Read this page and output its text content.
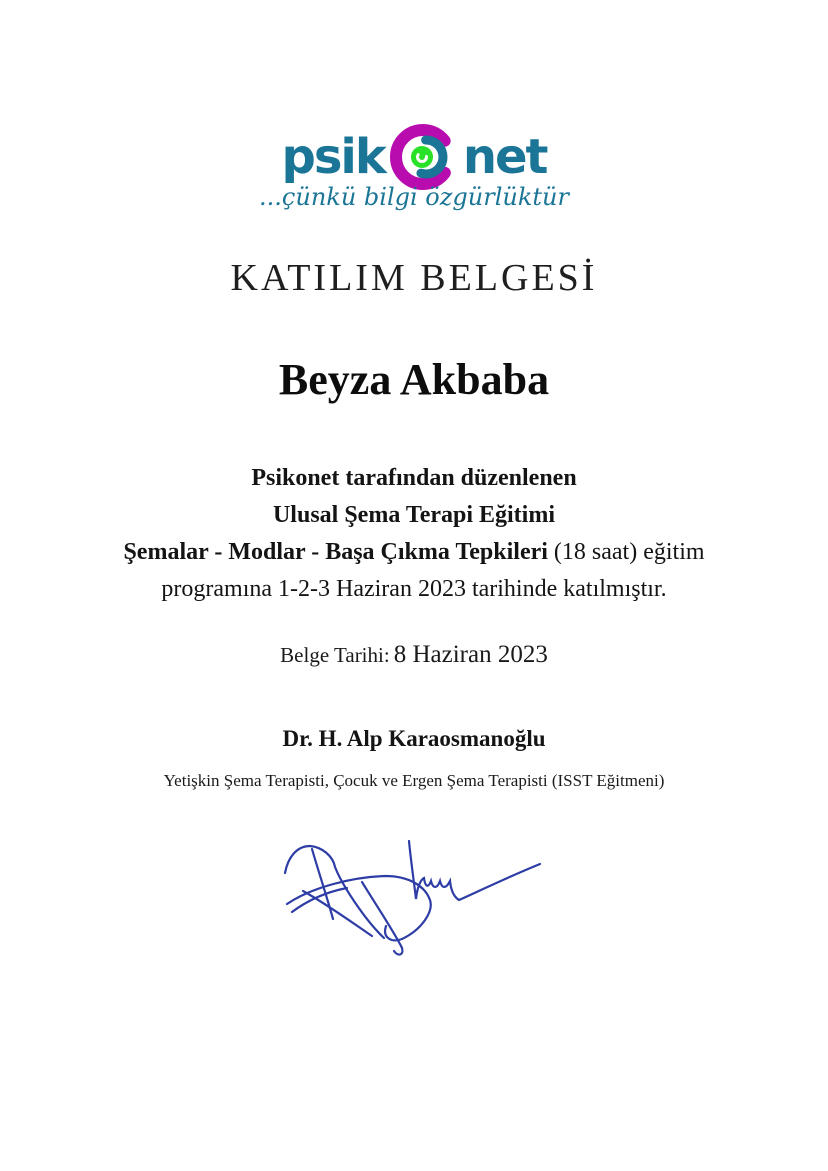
psik net
...çünkü bilgi özgürlüktür
KATILIM BELGESİ
Beyza Akbaba
Psikonet tarafından düzenlenen
Ulusal Şema Terapi Eğitimi
Şemalar - Modlar - Başa Çıkma Tepkileri (18 saat) eğitim
programına 1-2-3 Haziran 2023 tarihinde katılmıştır.
Belge Tarihi: 8 Haziran 2023
Dr. H. Alp Karaosmanoğlu
Yetişkin Şema Terapisti, Çocuk ve Ergen Şema Terapisti (ISST Eğitmeni)
